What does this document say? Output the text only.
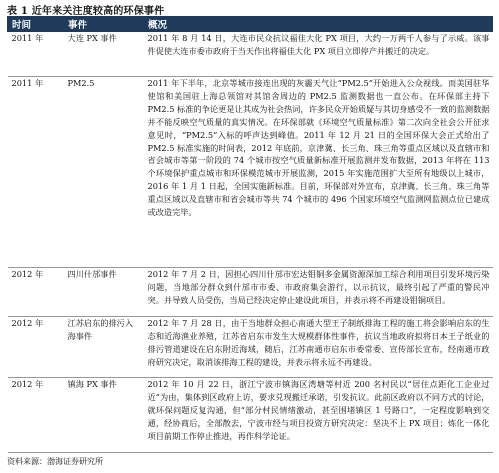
表 1 近年来关注度较高的环保事件
时间	事件	概况
2011 年	大连 PX 事件	2011 年 8 月 14 日，大连市民众抗议福佳大化 PX 项目，大约一万两千人参与了示威。该事件促使大连市委市政府于当天作出将福佳大化 PX 项目立即停产并搬迁的决定。
2011 年	PM2.5	2011 年下半年，北京等城市接连出现的灰霾天气让“PM2.5”开始进入公众视线。而美国驻华使馆和美国驻上海总领馆对其馆舍周边的 PM2.5 监测数据也一直公布。在环保部主持下 PM2.5 标准的争论更是让其成为社会热词，许多民众开始质疑与其切身感受不一致的监测数据并不能反映空气质量的真实情况。在环保部就《环境空气质量标准》第二次向全社会公开征求意见时，“PM2.5”入标的呼声达到峰值。2011 年 12 月 21 日的全国环保大会正式给出了 PM2.5 标准实施的时间表，2012 年底前，京津冀、长三角、珠三角等重点区域以及直辖市和省会城市等第一阶段的 74 个城市按空气质量新标准开展监测并发布数据，2013 年将在 113 个环境保护重点城市和环保模范城市开展监测，2015 年实施范围扩大至所有地级以上城市，2016 年 1 月 1 日起，全国实施新标准。目前，环保部对外宣布，京津冀、长三角、珠三角等重点区域以及直辖市和省会城市等共 74 个城市的 496 个国家环境空气监测网监测点位已建成或改造完毕。
2012 年	四川什邡事件	2012 年 7 月 2 日，因担心四川什邡市宏达钼铜多金属资源深加工综合利用项目引发环境污染问题，当地部分群众到什邡市市委、市政府集会游行，以示抗议，最终引起了严重的警民冲突。并导致人员受伤，当局已经决定停止建设此项目，并表示将不再建设钼铜项目。
2012 年	江苏启东的排污入海事件	2012 年 7 月 28 日，由于当地群众担心南通大型王子制纸排海工程的施工将会影响启东的生态和近海渔业养殖，江苏省启东市发生大规模群体性事件，抗议当地政府拟将日本王子纸业的排污管道建设在启东附近海域，随后，江苏南通市启东市委常委、宣传部长宣布，经南通市政府研究决定，取消该排海工程的建设，并表示将永远不再建设。
2012 年	镇海 PX 事件	2012 年 10 月 22 日，浙江宁波市镇海区湾塘等村近 200 名村民以“居住点距化工企业过近”为由，集体到区政府上访，要求兑现搬迁承诺，引发抗议。此前区政府以不同方式的讨论，就环保问题反复沟通，但“部分村民情绪激动，甚至围堵镇区 1 号路口”，一定程度影响到交通，经协商后，全部散去，宁波市经与项目投资方研究决定：坚决不上 PX 项目；炼化一体化项目前期工作停止推进，再作科学论证。
资料来源：渤海证券研究所
